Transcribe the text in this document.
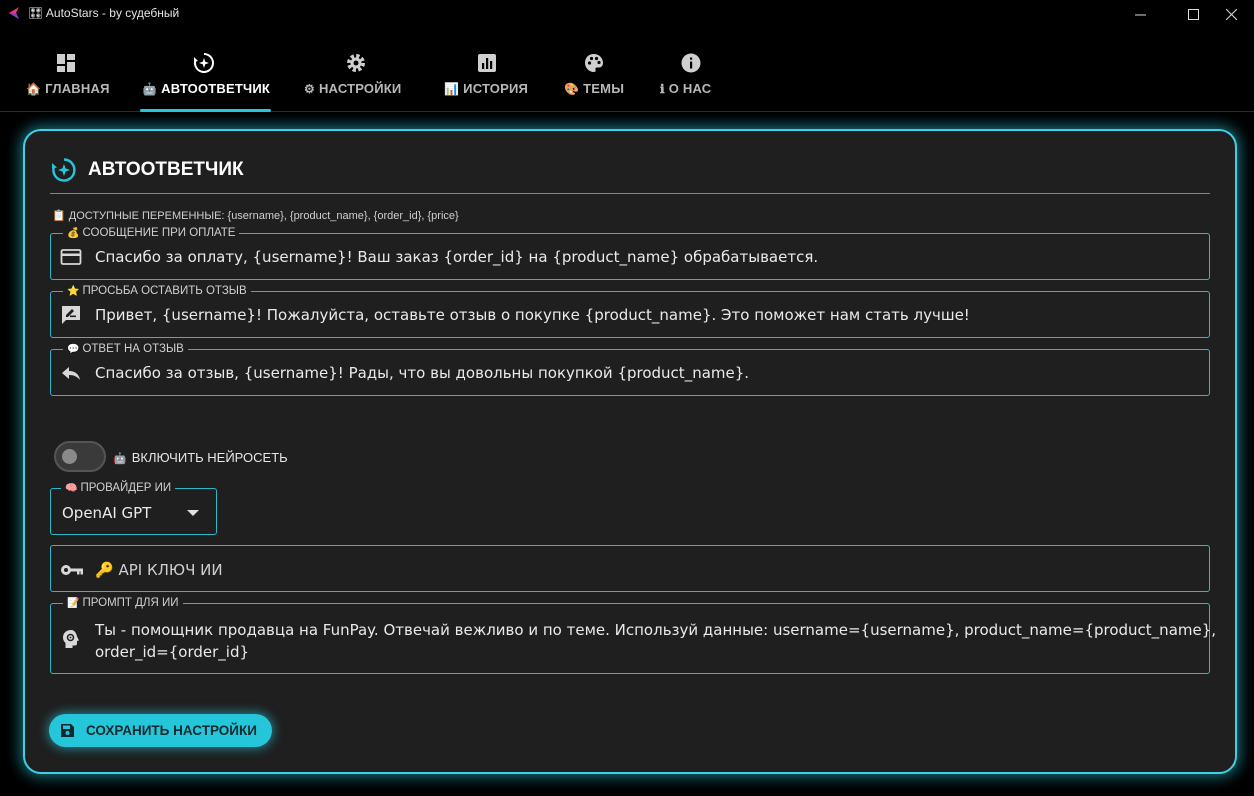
🎛 AutoStars - by судебный
🏠 ГЛАВНАЯ	🤖 АВТООТВЕТЧИК	⚙ НАСТРОЙКИ	📊 ИСТОРИЯ	🎨 ТЕМЫ	ℹ О НАС
АВТООТВЕТЧИК
📋 ДОСТУПНЫЕ ПЕРЕМЕННЫЕ: {username}, {product_name}, {order_id}, {price}
💰 СООБЩЕНИЕ ПРИ ОПЛАТЕ
Спасибо за оплату, {username}! Ваш заказ {order_id} на {product_name} обрабатывается.
⭐ ПРОСЬБА ОСТАВИТЬ ОТЗЫВ
Привет, {username}! Пожалуйста, оставьте отзыв о покупке {product_name}. Это поможет нам стать лучше!
💬 ОТВЕТ НА ОТЗЫВ
Спасибо за отзыв, {username}! Рады, что вы довольны покупкой {product_name}.
🤖 ВКЛЮЧИТЬ НЕЙРОСЕТЬ
🧠 ПРОВАЙДЕР ИИ
OpenAI GPT
🔑 API КЛЮЧ ИИ
📝 ПРОМПТ ДЛЯ ИИ
Ты - помощник продавца на FunPay. Отвечай вежливо и по теме. Используй данные: username={username}, product_name={product_name},
order_id={order_id}
СОХРАНИТЬ НАСТРОЙКИ
